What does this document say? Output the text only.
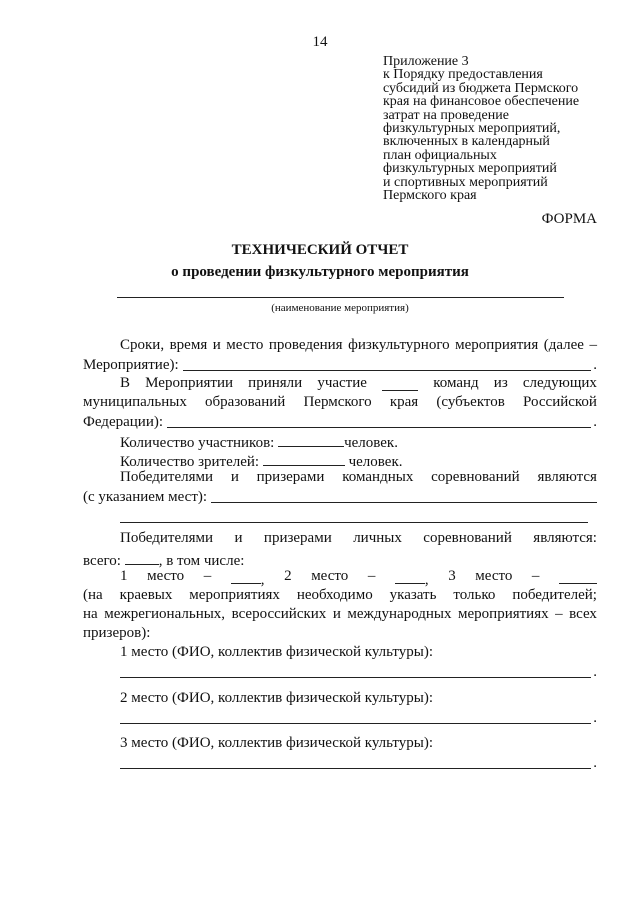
14
Приложение 3
к Порядку предоставления
субсидий из бюджета Пермского
края на финансовое обеспечение
затрат на проведение
физкультурных мероприятий,
включенных в календарный
план официальных
физкультурных мероприятий
и спортивных мероприятий
Пермского края
ФОРМА
ТЕХНИЧЕСКИЙ ОТЧЕТ
о проведении физкультурного мероприятия
(наименование мероприятия)
Сроки, время и место проведения физкультурного мероприятия (далее –
Мероприятие):	.
В Мероприятии приняли участие	команд из следующих
муниципальных образований Пермского края (субъектов Российской
Федерации):	.
Количество участников:	человек.
Количество зрителей:	человек.
Победителями и призерами командных соревнований являются
(с указанием мест):
Победителями и призерами личных соревнований являются:
всего:	, в том числе:
1 место –	, 2 место –	, 3 место –
(на краевых мероприятиях необходимо указать только победителей;
на межрегиональных, всероссийских и международных мероприятиях – всех
призеров):
1 место (ФИО, коллектив физической культуры):
.
2 место (ФИО, коллектив физической культуры):
.
3 место (ФИО, коллектив физической культуры):
.
